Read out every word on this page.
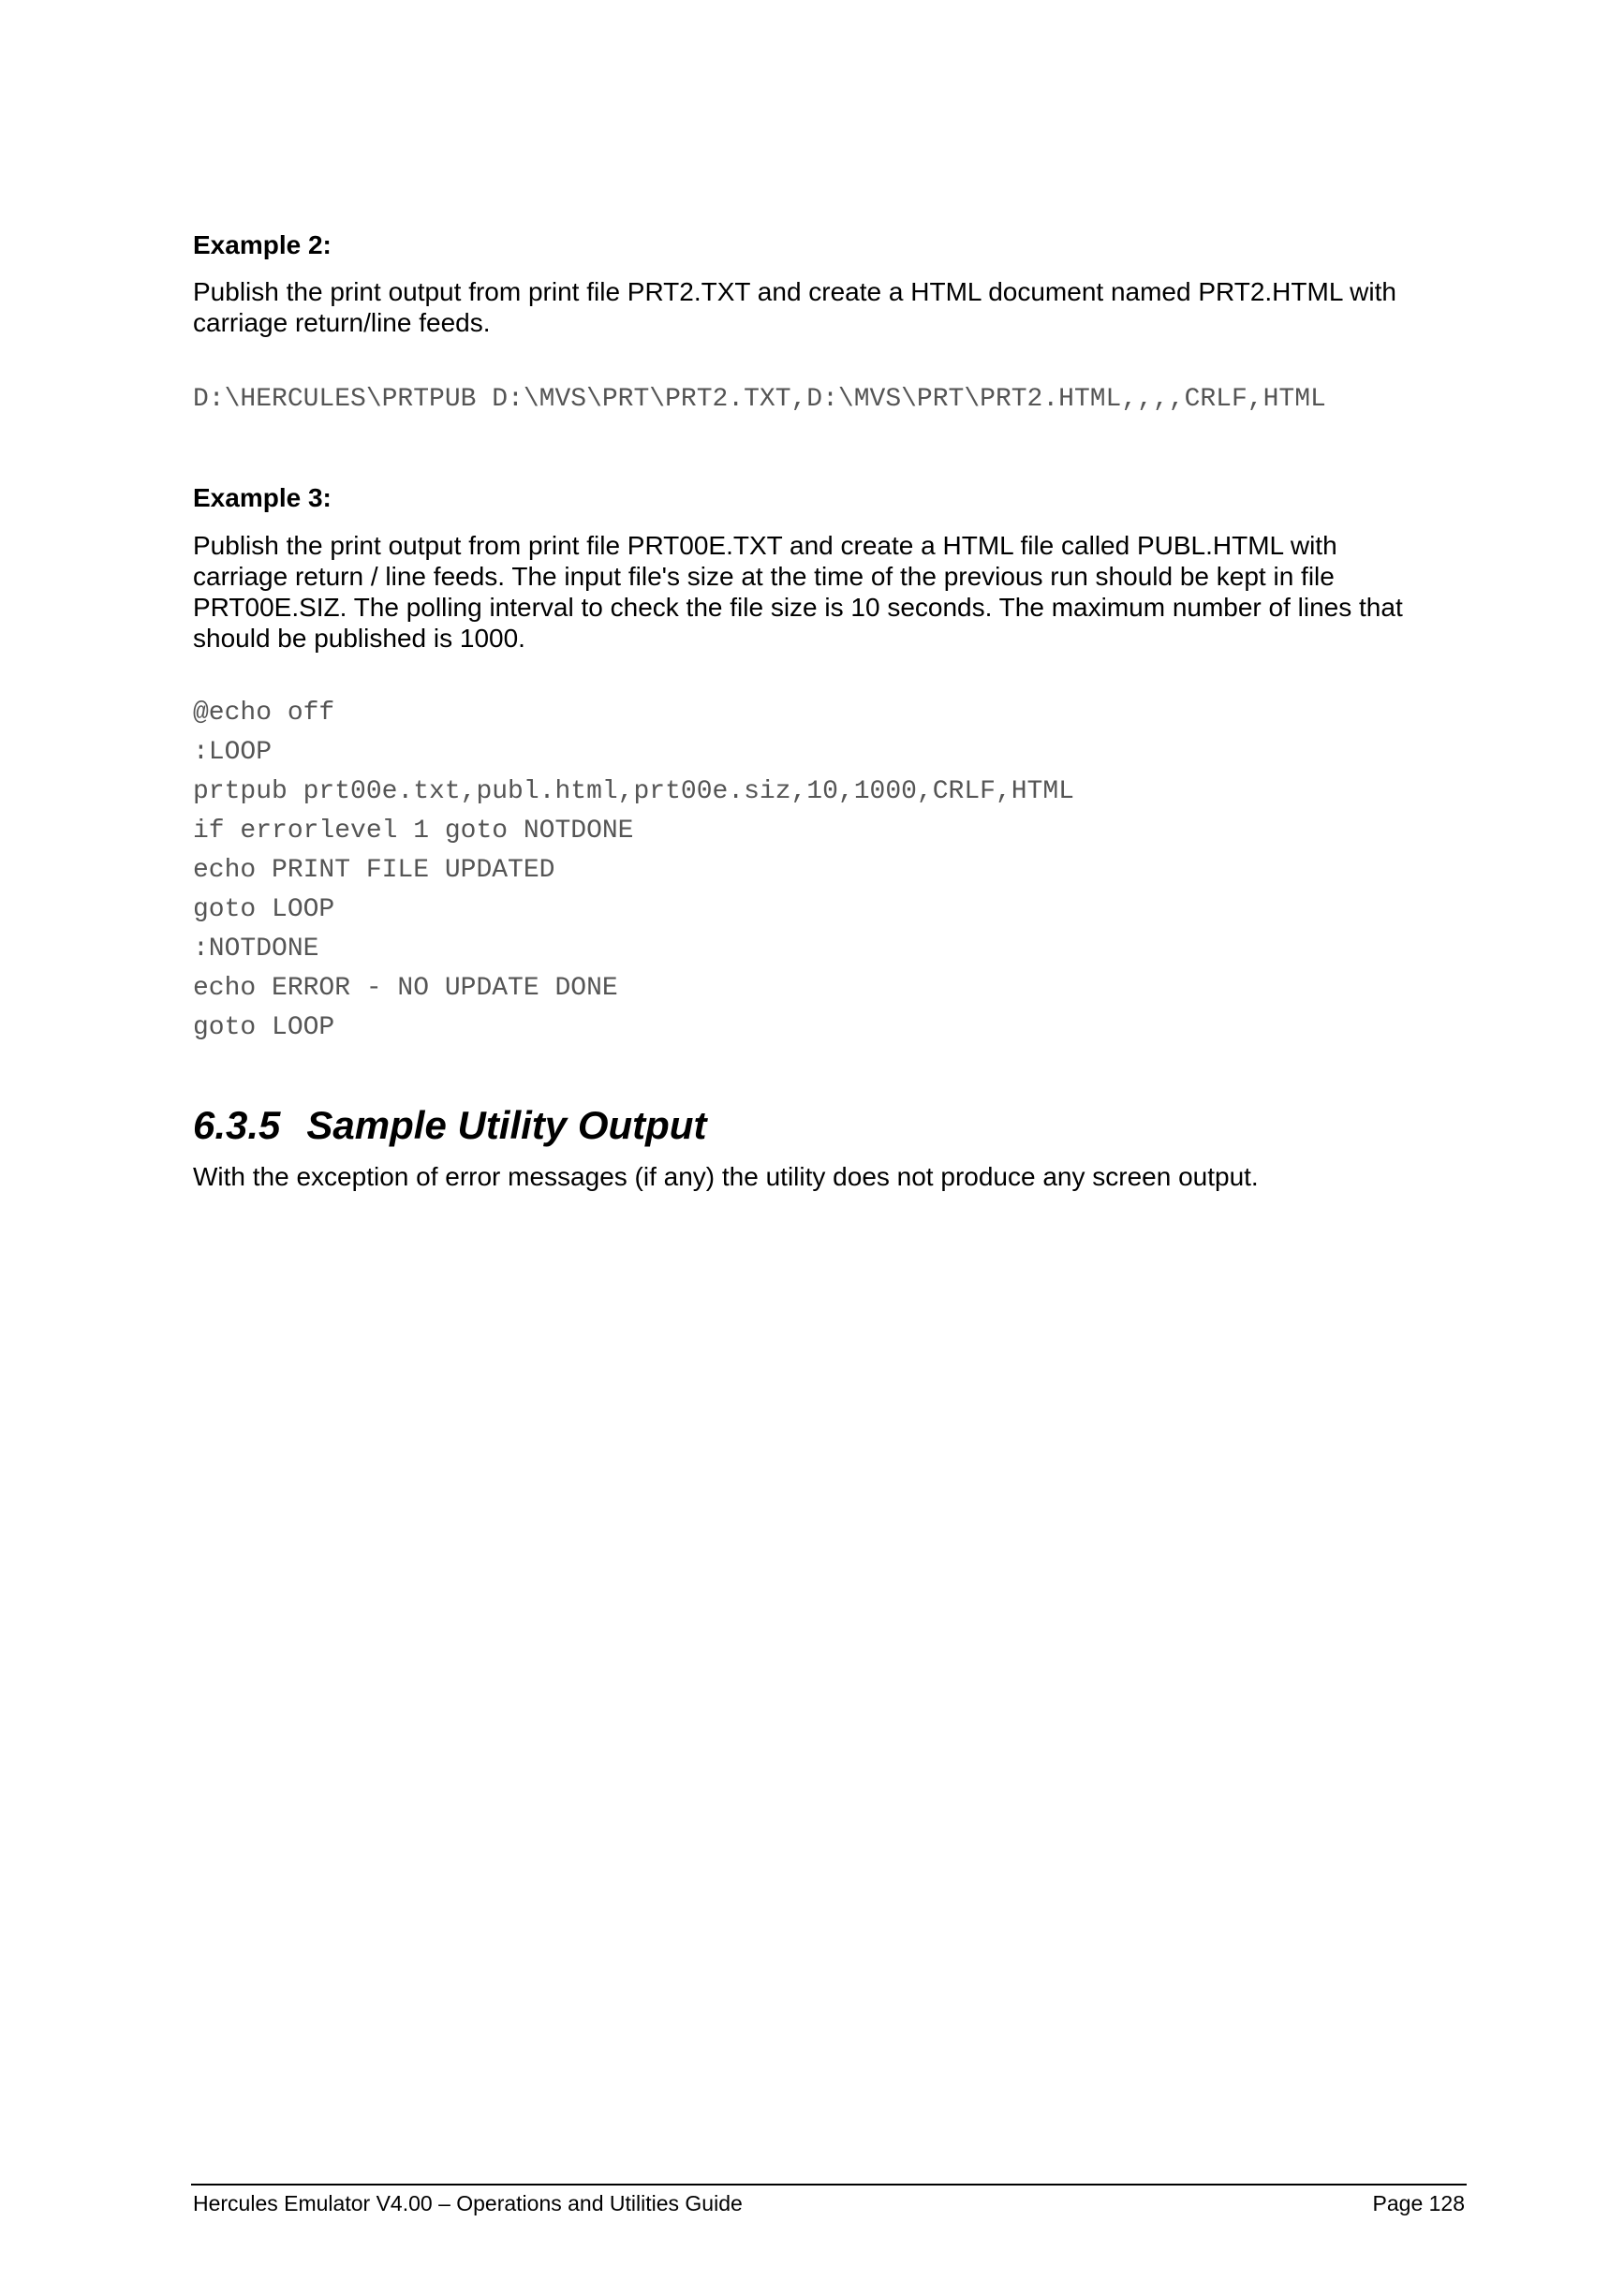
Example 2:

Publish the print output from print file PRT2.TXT and create a HTML document named PRT2.HTML with

carriage return/line feeds.

D:\HERCULES\PRTPUB D:\MVS\PRT\PRT2.TXT,D:\MVS\PRT\PRT2.HTML,,,,CRLF,HTML

Example 3:

Publish the print output from print file PRT00E.TXT and create a HTML file called PUBL.HTML with

carriage return / line feeds. The input file's size at the time of the previous run should be kept in file

PRT00E.SIZ. The polling interval to check the file size is 10 seconds. The maximum number of lines that

should be published is 1000.

@echo off

:LOOP

prtpub prt00e.txt,publ.html,prt00e.siz,10,1000,CRLF,HTML

if errorlevel 1 goto NOTDONE

echo PRINT FILE UPDATED

goto LOOP

:NOTDONE

echo ERROR - NO UPDATE DONE

goto LOOP

6.3.5 Sample Utility Output

With the exception of error messages (if any) the utility does not produce any screen output.

Hercules Emulator V4.00 – Operations and Utilities Guide	Page 128
